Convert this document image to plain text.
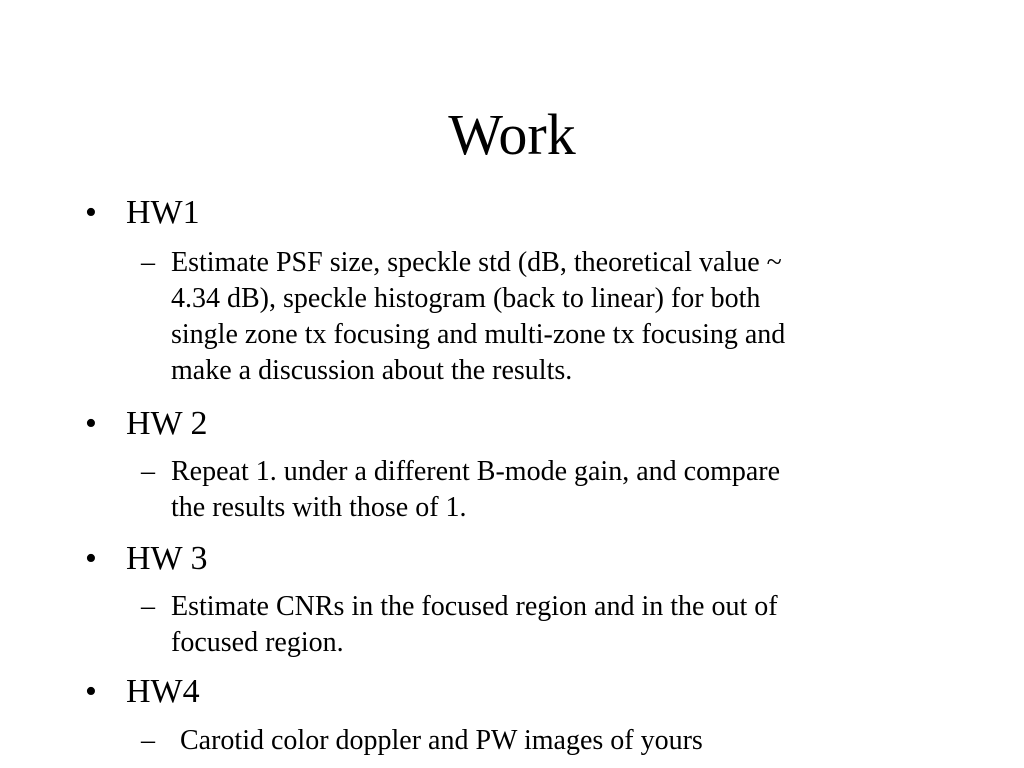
Work
• HW1
– Estimate PSF size, speckle std (dB, theoretical value ~
4.34 dB), speckle histogram (back to linear) for both
single zone tx focusing and multi-zone tx focusing and
make a discussion about the results.
• HW 2
– Repeat 1. under a different B-mode gain, and compare
the results with those of 1.
• HW 3
– Estimate CNRs in the focused region and in the out of
focused region.
• HW4
– Carotid color doppler and PW images of yours
